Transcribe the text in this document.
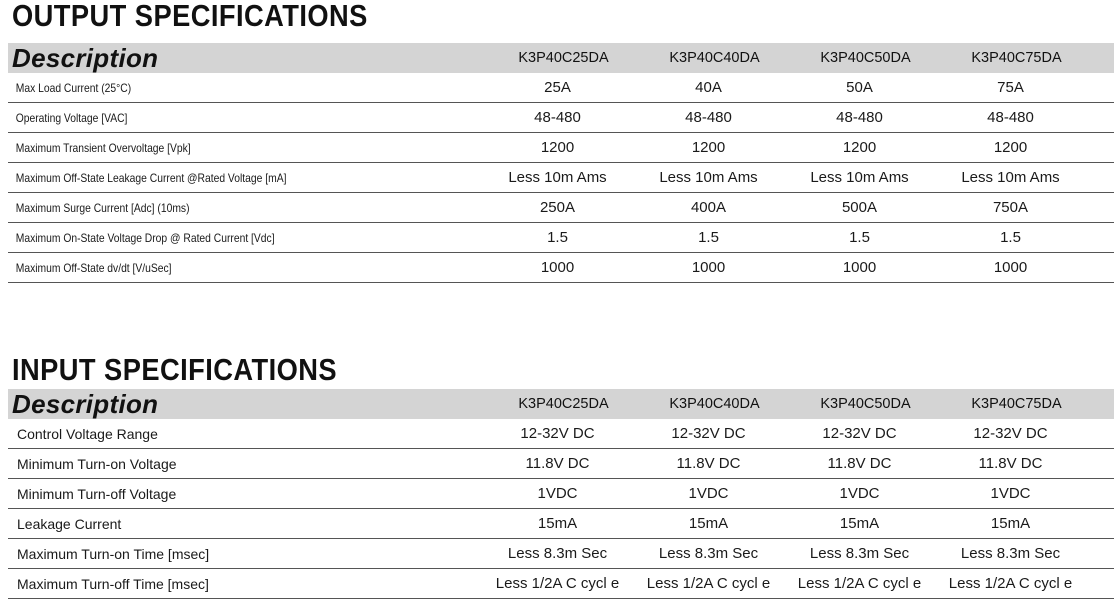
OUTPUT SPECIFICATIONS
Description	K3P40C25DA	K3P40C40DA	K3P40C50DA	K3P40C75DA
Max Load Current (25°C)	25A	40A	50A	75A
Operating Voltage [VAC]	48-480	48-480	48-480	48-480
Maximum Transient Overvoltage [Vpk]	1200	1200	1200	1200
Maximum Off-State Leakage Current @Rated Voltage [mA]	Less 10m Ams	Less 10m Ams	Less 10m Ams	Less 10m Ams
Maximum Surge Current [Adc] (10ms)	250A	400A	500A	750A
Maximum On-State Voltage Drop @ Rated Current [Vdc]	1.5	1.5	1.5	1.5
Maximum Off-State dv/dt [V/uSec]	1000	1000	1000	1000
INPUT SPECIFICATIONS
Description	K3P40C25DA	K3P40C40DA	K3P40C50DA	K3P40C75DA
Control Voltage Range	12-32V DC	12-32V DC	12-32V DC	12-32V DC
Minimum Turn-on Voltage	11.8V DC	11.8V DC	11.8V DC	11.8V DC
Minimum Turn-off Voltage	1VDC	1VDC	1VDC	1VDC
Leakage Current	15mA	15mA	15mA	15mA
Maximum Turn-on Time [msec]	Less 8.3m Sec	Less 8.3m Sec	Less 8.3m Sec	Less 8.3m Sec
Maximum Turn-off Time [msec]	Less 1/2A C cycl e	Less 1/2A C cycl e	Less 1/2A C cycl e	Less 1/2A C cycl e
